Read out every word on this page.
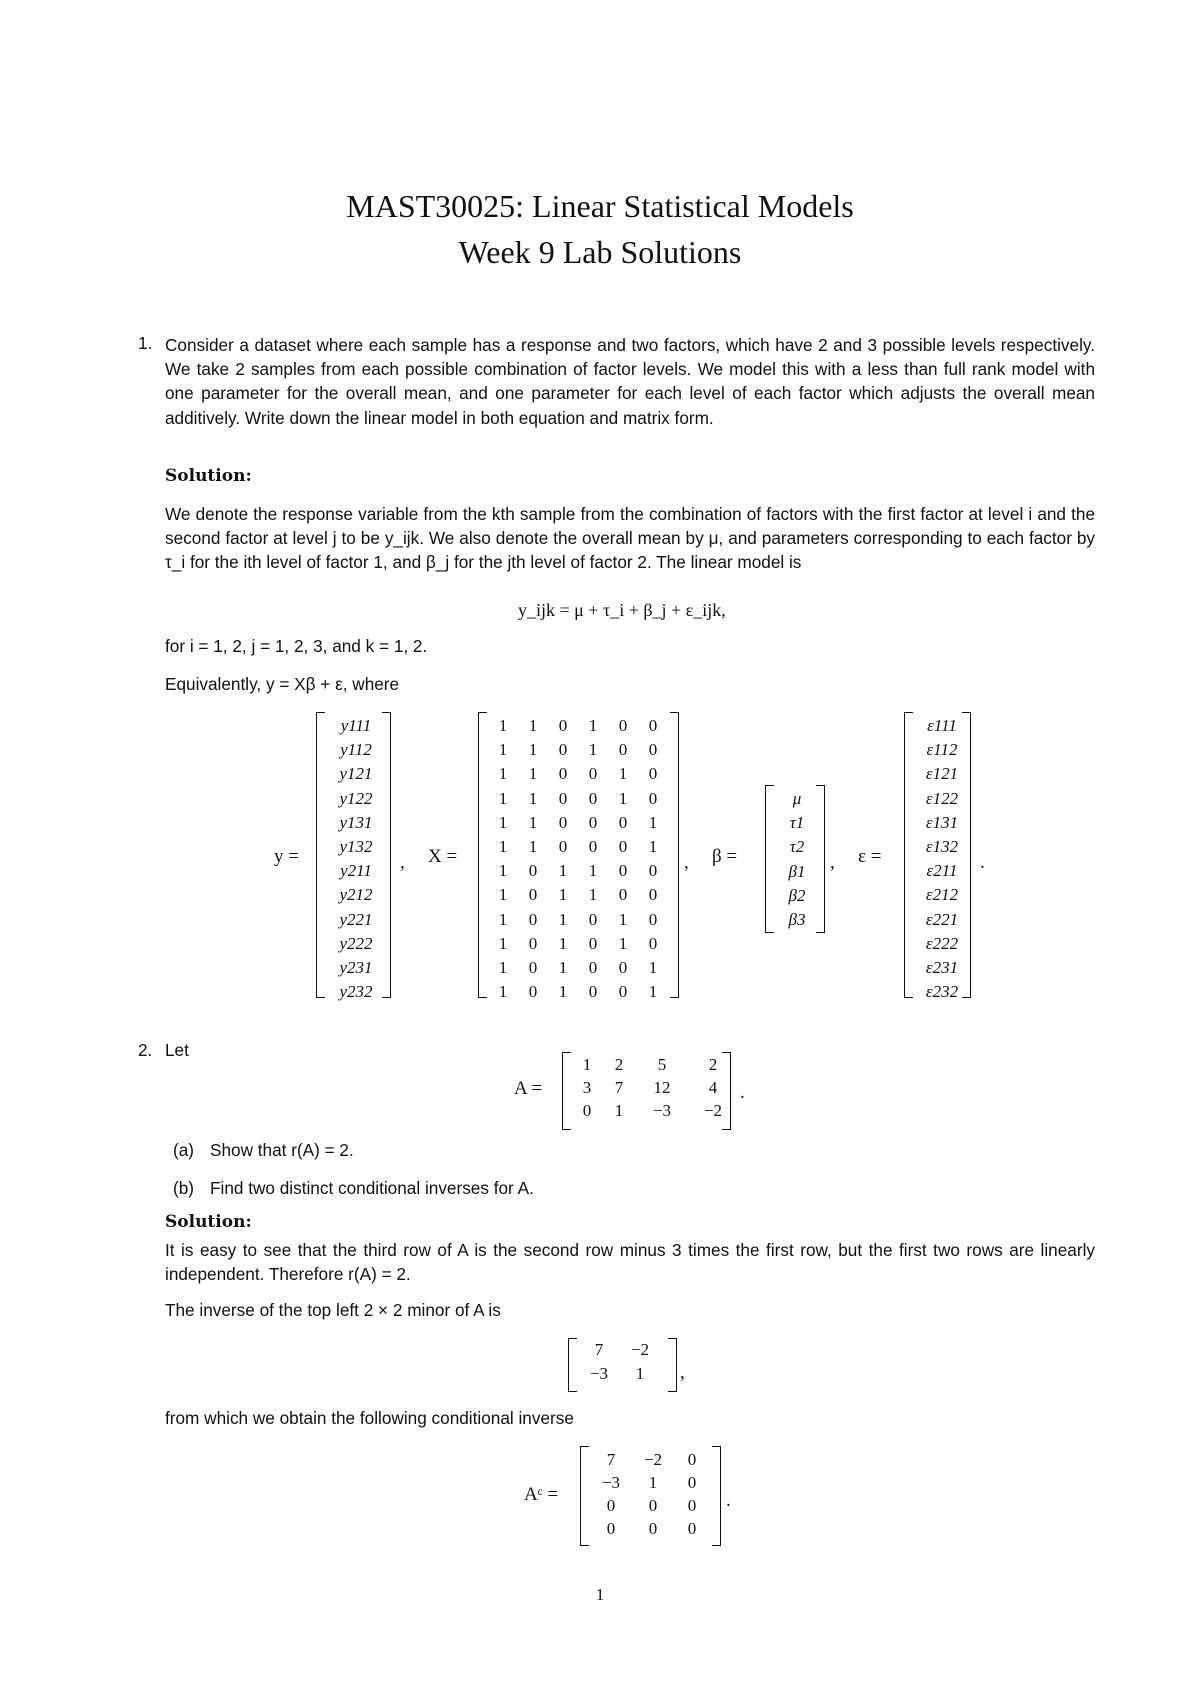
MAST30025: Linear Statistical Models
Week 9 Lab Solutions
1. Consider a dataset where each sample has a response and two factors, which have 2 and 3 possible levels respectively. We take 2 samples from each possible combination of factor levels. We model this with a less than full rank model with one parameter for the overall mean, and one parameter for each level of each factor which adjusts the overall mean additively. Write down the linear model in both equation and matrix form.
Solution:
We denote the response variable from the kth sample from the combination of factors with the first factor at level i and the second factor at level j to be y_ijk. We also denote the overall mean by μ, and parameters corresponding to each factor by τ_i for the ith level of factor 1, and β_j for the jth level of factor 2. The linear model is
y_ijk = μ + τ_i + β_j + ε_ijk,
for i = 1, 2, j = 1, 2, 3, and k = 1, 2.
Equivalently, y = Xβ + ε, where
y =
y111
y112
y121
y122
y131
y132
y211
y212
y221
y222
y231
y232
, X =
1	1	0	1	0	0
1	1	0	1	0	0
1	1	0	0	1	0
1	1	0	0	1	0
1	1	0	0	0	1
1	1	0	0	0	1
1	0	1	1	0	0
1	0	1	1	0	0
1	0	1	0	1	0
1	0	1	0	1	0
1	0	1	0	0	1
1	0	1	0	0	1
, β =
μ
τ1
τ2
β1
β2
β3
, ε =
ε111
ε112
ε121
ε122
ε131
ε132
ε211
ε212
ε221
ε222
ε231
ε232
.
2. Let
A =
1	2	5	2
3	7	12	4
0	1	−3	−2
.
(a) Show that r(A) = 2.
(b) Find two distinct conditional inverses for A.
Solution:
It is easy to see that the third row of A is the second row minus 3 times the first row, but the first two rows are linearly independent. Therefore r(A) = 2.
The inverse of the top left 2 × 2 minor of A is
7	−2
−3	1	,
from which we obtain the following conditional inverse
Aᶜ =
7	−2	0
−3	1	0
0	0	0
0	0	0
.
1
